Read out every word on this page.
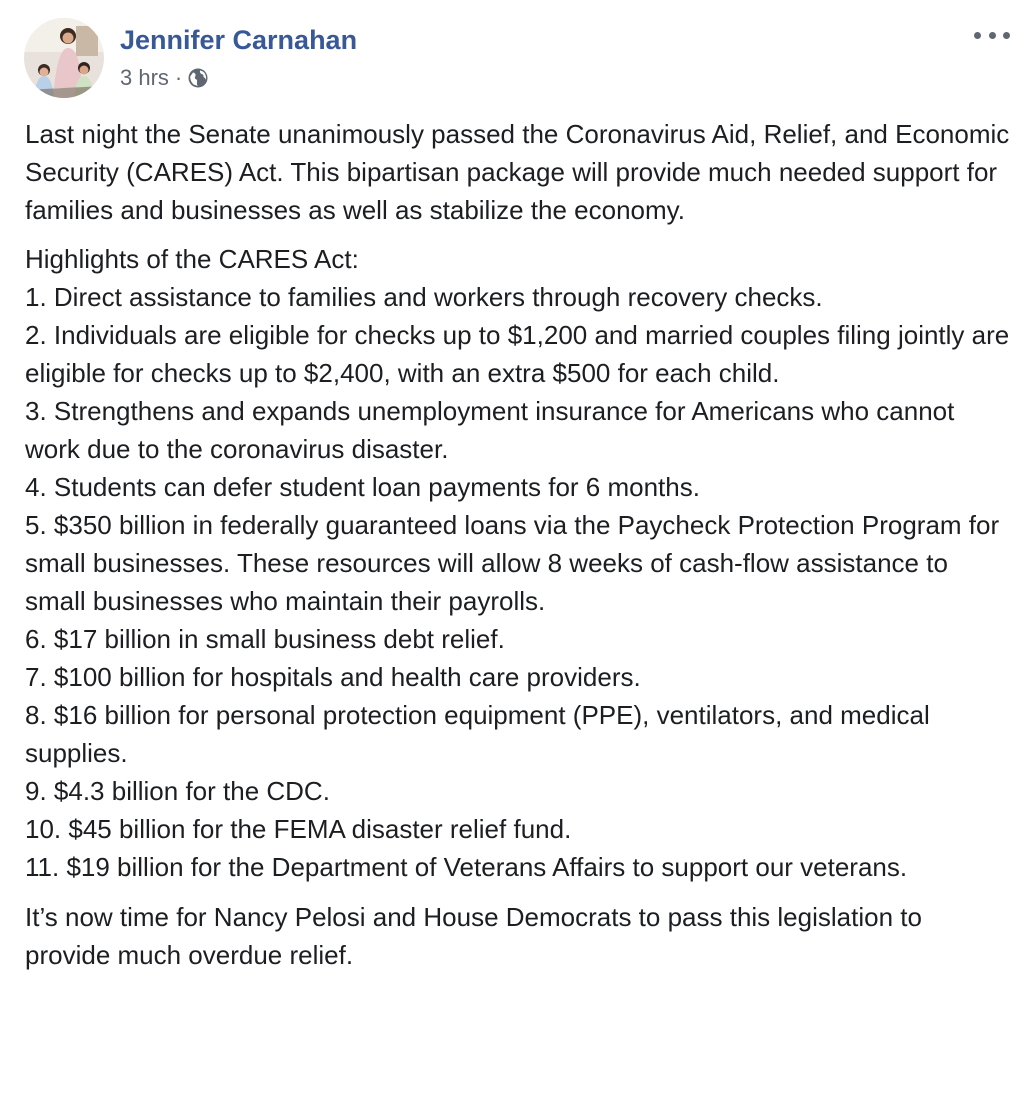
Jennifer Carnahan
3 hrs ·

Last night the Senate unanimously passed the Coronavirus Aid, Relief, and Economic Security (CARES) Act. This bipartisan package will provide much needed support for families and businesses as well as stabilize the economy.

Highlights of the CARES Act:
1. Direct assistance to families and workers through recovery checks.
2. Individuals are eligible for checks up to $1,200 and married couples filing jointly are eligible for checks up to $2,400, with an extra $500 for each child.
3. Strengthens and expands unemployment insurance for Americans who cannot work due to the coronavirus disaster.
4. Students can defer student loan payments for 6 months.
5. $350 billion in federally guaranteed loans via the Paycheck Protection Program for small businesses. These resources will allow 8 weeks of cash-flow assistance to small businesses who maintain their payrolls.
6. $17 billion in small business debt relief.
7. $100 billion for hospitals and health care providers.
8. $16 billion for personal protection equipment (PPE), ventilators, and medical supplies.
9. $4.3 billion for the CDC.
10. $45 billion for the FEMA disaster relief fund.
11. $19 billion for the Department of Veterans Affairs to support our veterans.

It’s now time for Nancy Pelosi and House Democrats to pass this legislation to provide much overdue relief.
